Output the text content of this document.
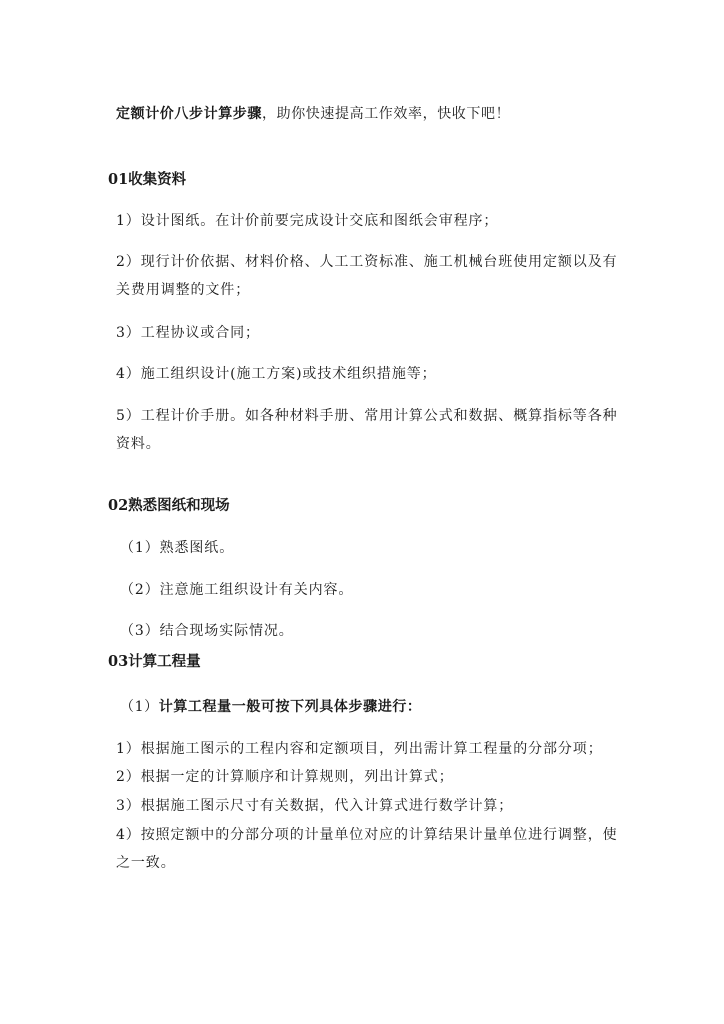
定额计价八步计算步骤，助你快速提高工作效率，快收下吧！
01收集资料
1）设计图纸。在计价前要完成设计交底和图纸会审程序；
2）现行计价依据、材料价格、人工工资标准、施工机械台班使用定额以及有
关费用调整的文件；
3）工程协议或合同；
4）施工组织设计(施工方案)或技术组织措施等；
5）工程计价手册。如各种材料手册、常用计算公式和数据、概算指标等各种
资料。
02熟悉图纸和现场
（1）熟悉图纸。
（2）注意施工组织设计有关内容。
（3）结合现场实际情况。
03计算工程量
（1）计算工程量一般可按下列具体步骤进行：
1）根据施工图示的工程内容和定额项目，列出需计算工程量的分部分项；
2）根据一定的计算顺序和计算规则，列出计算式；
3）根据施工图示尺寸有关数据，代入计算式进行数学计算；
4）按照定额中的分部分项的计量单位对应的计算结果计量单位进行调整，使
之一致。
